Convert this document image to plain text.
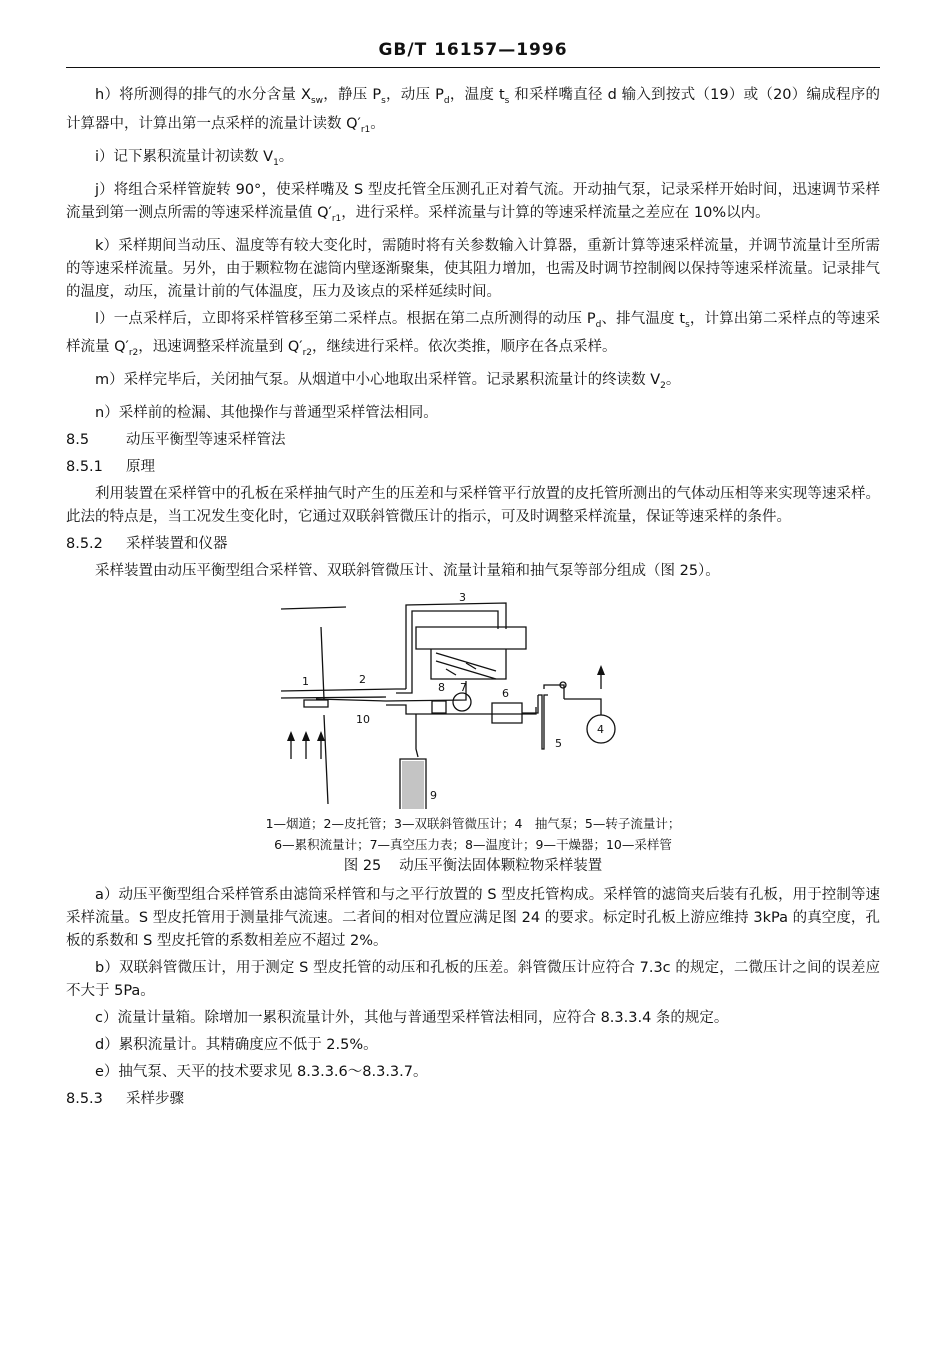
GB/T 16157—1996

h）将所测得的排气的水分含量 $X_{sw}$，静压 $P_s$，动压 $P_d$，温度 $t_s$ 和采样嘴直径 d 输入到按式（19）或（20）编成程序的计算器中，计算出第一点采样的流量计读数 $Q'_{r1}$。

i）记下累积流量计初读数 $V_1$。

j）将组合采样管旋转 90°，使采样嘴及 S 型皮托管全压测孔正对着气流。开动抽气泵，记录采样开始时间，迅速调节采样流量到第一测点所需的等速采样流量值 $Q'_{r1}$，进行采样。采样流量与计算的等速采样流量之差应在 10%以内。

k）采样期间当动压、温度等有较大变化时，需随时将有关参数输入计算器，重新计算等速采样流量，并调节流量计至所需的等速采样流量。另外，由于颗粒物在滤筒内壁逐渐聚集，使其阻力增加，也需及时调节控制阀以保持等速采样流量。记录排气的温度，动压，流量计前的气体温度，压力及该点的采样延续时间。

l）一点采样后，立即将采样管移至第二采样点。根据在第二点所测得的动压 $P_d$、排气温度 $t_s$，计算出第二采样点的等速采样流量 $Q'_{r2}$，迅速调整采样流量到 $Q'_{r2}$，继续进行采样。依次类推，顺序在各点采样。

m）采样完毕后，关闭抽气泵。从烟道中小心地取出采样管。记录累积流量计的终读数 $V_2$。

n）采样前的检漏、其他操作与普通型采样管法相同。

8.5	动压平衡型等速采样管法

8.5.1 原理

利用装置在采样管中的孔板在采样抽气时产生的压差和与采样管平行放置的皮托管所测出的气体动压相等来实现等速采样。此法的特点是，当工况发生变化时，它通过双联斜管微压计的指示，可及时调整采样流量，保证等速采样的条件。

8.5.2 采样装置和仪器

采样装置由动压平衡型组合采样管、双联斜管微压计、流量计量箱和抽气泵等部分组成（图 25）。

1	2
3
4
5
6
7
8
9
10

1—烟道；2—皮托管；3—双联斜管微压计；4　抽气泵；5—转子流量计；

6—累积流量计；7—真空压力表；8—温度计；9—干燥器；10—采样管

图 25 动压平衡法固体颗粒物采样装置

a）动压平衡型组合采样管系由滤筒采样管和与之平行放置的 S 型皮托管构成。采样管的滤筒夹后装有孔板，用于控制等速采样流量。S 型皮托管用于测量排气流速。二者间的相对位置应满足图 24 的要求。标定时孔板上游应维持 3kPa 的真空度，孔板的系数和 S 型皮托管的系数相差应不超过 2%。

b）双联斜管微压计，用于测定 S 型皮托管的动压和孔板的压差。斜管微压计应符合 7.3c 的规定，二微压计之间的误差应不大于 5Pa。

c）流量计量箱。除增加一累积流量计外，其他与普通型采样管法相同，应符合 8.3.3.4 条的规定。

d）累积流量计。其精确度应不低于 2.5%。

e）抽气泵、天平的技术要求见 8.3.3.6～8.3.3.7。

8.5.3 采样步骤
